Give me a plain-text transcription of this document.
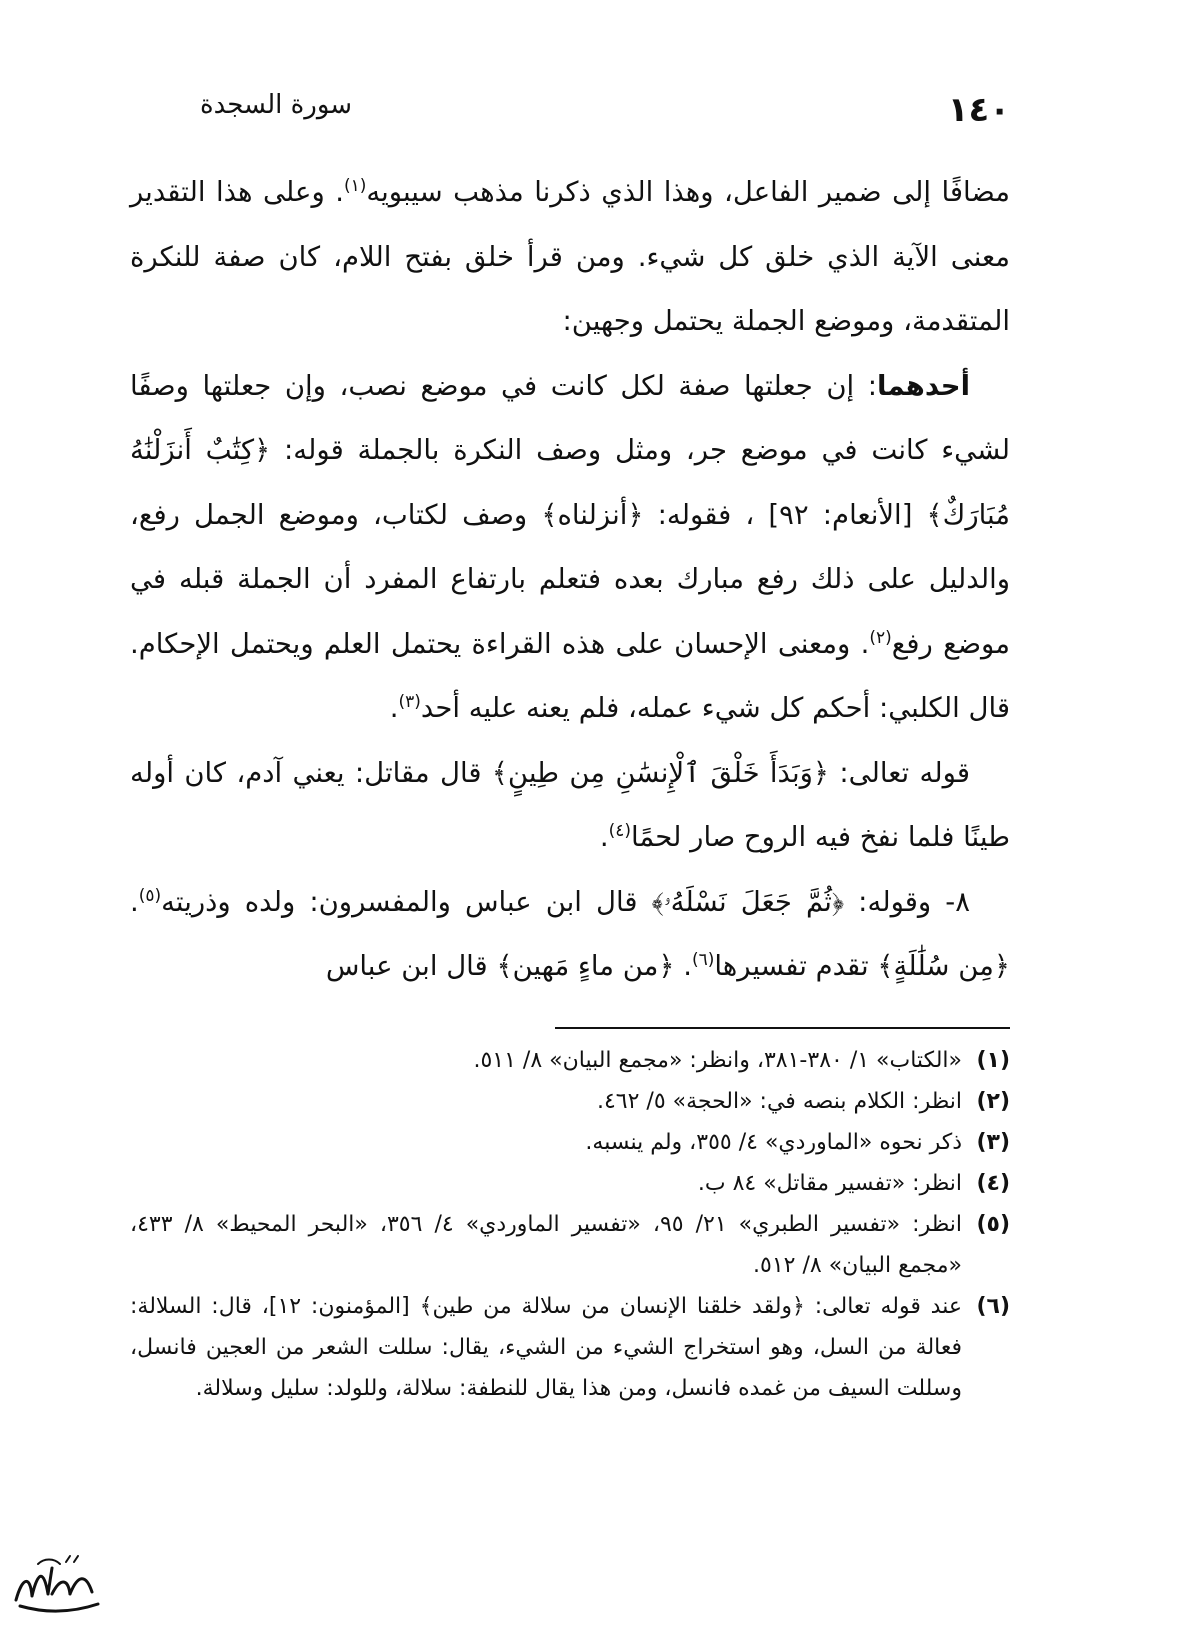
١٤٠
سورة السجدة

مضافًا إلى ضمير الفاعل، وهذا الذي ذكرنا مذهب سيبويه$^{(١)}$. وعلى هذا التقدير معنى الآية الذي خلق كل شيء. ومن قرأ خلق بفتح اللام، كان صفة للنكرة المتقدمة، وموضع الجملة يحتمل وجهين:

أحدهما: إن جعلتها صفة لكل كانت في موضع نصب، وإن جعلتها وصفًا لشيء كانت في موضع جر، ومثل وصف النكرة بالجملة قوله: ﴿كِتَٰبٌ أَنزَلْنَٰهُ مُبَارَكٌ﴾ [الأنعام: ٩٢] ، فقوله: ﴿أنزلناه﴾ وصف لكتاب، وموضع الجمل رفع، والدليل على ذلك رفع مبارك بعده فتعلم بارتفاع المفرد أن الجملة قبله في موضع رفع$^{(٢)}$. ومعنى الإحسان على هذه القراءة يحتمل العلم ويحتمل الإحكام. قال الكلبي: أحكم كل شيء عمله، فلم يعنه عليه أحد$^{(٣)}$.

قوله تعالى: ﴿وَبَدَأَ خَلْقَ ٱلْإِنسَٰنِ مِن طِينٍ﴾ قال مقاتل: يعني آدم، كان أوله طينًا فلما نفخ فيه الروح صار لحمًا$^{(٤)}$.

٨- وقوله: ﴿ثُمَّ جَعَلَ نَسْلَهُۥ﴾ قال ابن عباس والمفسرون: ولده وذريته$^{(٥)}$. ﴿مِن سُلَٰلَةٍ﴾ تقدم تفسيرها$^{(٦)}$. ﴿من ماءٍ مَهين﴾ قال ابن عباس

(١)
«الكتاب» ١/ ٣٨٠-٣٨١، وانظر: «مجمع البيان» ٨/ ٥١١.
(٢)
انظر: الكلام بنصه في: «الحجة» ٥/ ٤٦٢.
(٣)
ذكر نحوه «الماوردي» ٤/ ٣٥٥، ولم ينسبه.
(٤)
انظر: «تفسير مقاتل» ٨٤ ب.
(٥)
انظر: «تفسير الطبري» ٢١/ ٩٥، «تفسير الماوردي» ٤/ ٣٥٦، «البحر المحيط» ٨/ ٤٣٣، «مجمع البيان» ٨/ ٥١٢.
(٦)
عند قوله تعالى: ﴿ولقد خلقنا الإنسان من سلالة من طين﴾ [المؤمنون: ١٢]، قال: السلالة: فعالة من السل، وهو استخراج الشيء من الشيء، يقال: سللت الشعر من العجين فانسل، وسللت السيف من غمده فانسل، ومن هذا يقال للنطفة: سلالة، وللولد: سليل وسلالة.
